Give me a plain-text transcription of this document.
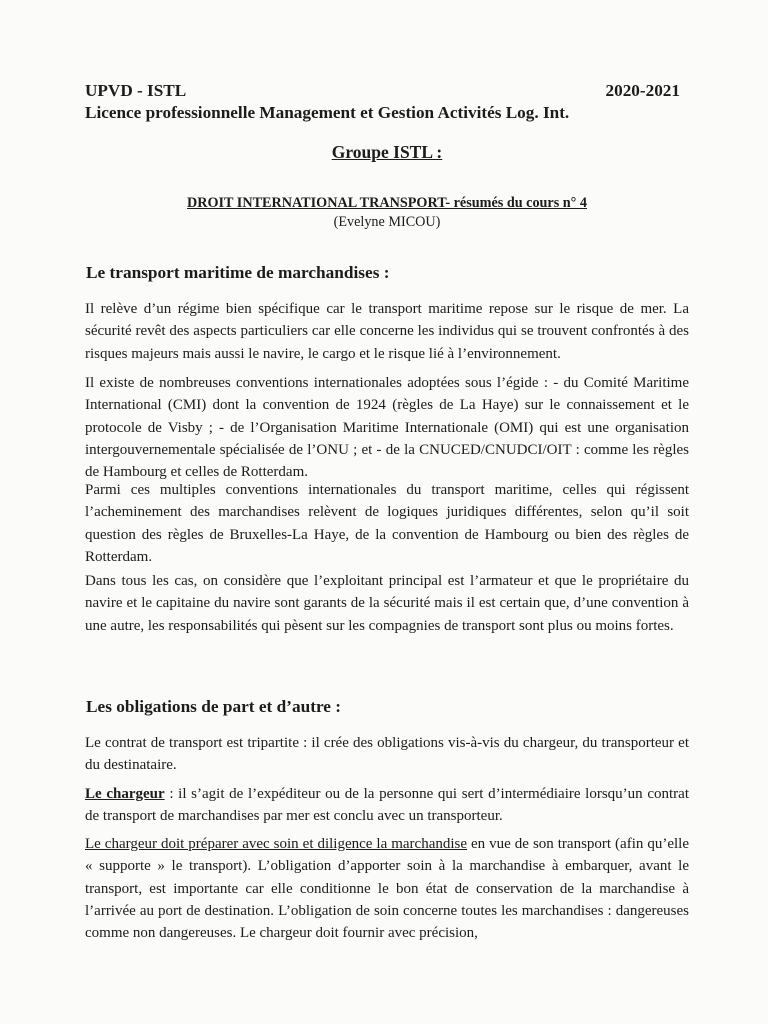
UPVD - ISTL	2020-2021
Licence professionnelle Management et Gestion Activités Log. Int.
Groupe ISTL :
DROIT INTERNATIONAL TRANSPORT- résumés du cours n° 4
(Evelyne MICOU)
Le transport maritime de marchandises :
Il relève d’un régime bien spécifique car le transport maritime repose sur le risque de mer. La sécurité revêt des aspects particuliers car elle concerne les individus qui se trouvent confrontés à des risques majeurs mais aussi le navire, le cargo et le risque lié à l’environnement.
Il existe de nombreuses conventions internationales adoptées sous l’égide : - du Comité Maritime International (CMI) dont la convention de 1924 (règles de La Haye) sur le connaissement et le protocole de Visby ; - de l’Organisation Maritime Internationale (OMI) qui est une organisation intergouvernementale spécialisée de l’ONU ; et - de la CNUCED/CNUDCI/OIT : comme les règles de Hambourg et celles de Rotterdam.
Parmi ces multiples conventions internationales du transport maritime, celles qui régissent l’acheminement des marchandises relèvent de logiques juridiques différentes, selon qu’il soit question des règles de Bruxelles-La Haye, de la convention de Hambourg ou bien des règles de Rotterdam.
Dans tous les cas, on considère que l’exploitant principal est l’armateur et que le propriétaire du navire et le capitaine du navire sont garants de la sécurité mais il est certain que, d’une convention à une autre, les responsabilités qui pèsent sur les compagnies de transport sont plus ou moins fortes.
Les obligations de part et d’autre :
Le contrat de transport est tripartite : il crée des obligations vis-à-vis du chargeur, du transporteur et du destinataire.
Le chargeur : il s’agit de l’expéditeur ou de la personne qui sert d’intermédiaire lorsqu’un contrat de transport de marchandises par mer est conclu avec un transporteur.
Le chargeur doit préparer avec soin et diligence la marchandise en vue de son transport (afin qu’elle « supporte » le transport). L’obligation d’apporter soin à la marchandise à embarquer, avant le transport, est importante car elle conditionne le bon état de conservation de la marchandise à l’arrivée au port de destination. L’obligation de soin concerne toutes les marchandises : dangereuses comme non dangereuses. Le chargeur doit fournir avec précision,
